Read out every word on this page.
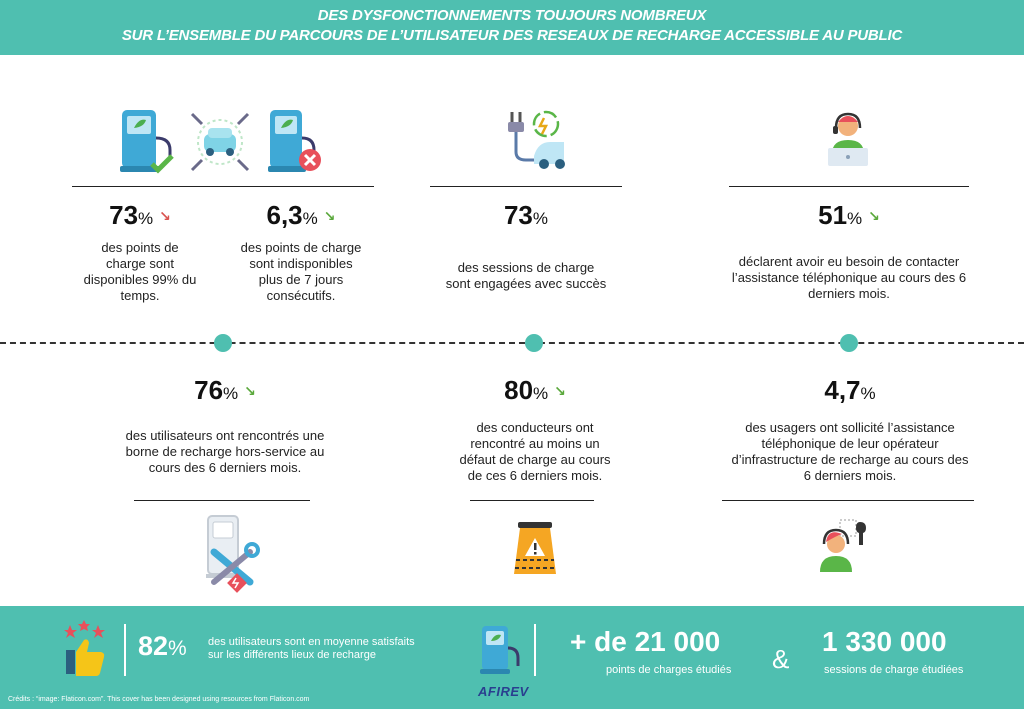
DES DYSFONCTIONNEMENTS TOUJOURS NOMBREUX
SUR L’ENSEMBLE DU PARCOURS DE L’UTILISATEUR DES RESEAUX DE RECHARGE ACCESSIBLE AU PUBLIC
73% ↘
des points de
charge sont
disponibles 99% du
temps.
6,3% ↘
des points de charge
sont indisponibles
plus de 7 jours
consécutifs.
73%
des sessions de charge
sont engagées avec succès
51% ↘
déclarent avoir eu besoin de contacter
l’assistance téléphonique au cours des 6
derniers mois.
76% ↘
des utilisateurs ont rencontrés une
borne de recharge hors-service au
cours des 6 derniers mois.
80% ↘
des conducteurs ont
rencontré au moins un
défaut de charge au cours
de ces 6 derniers mois.
4,7%
des usagers ont sollicité l’assistance
téléphonique de leur opérateur
d’infrastructure de recharge au cours des
6 derniers mois.
82% des utilisateurs sont en moyenne satisfaits
sur les différents lieux de recharge	+ de 21 000
points de charges étudiés &
1 330 000
sessions de charge étudiées
Crédits : “image: Flaticon.com”. This cover has been designed using resources from Flaticon.com
AFIREV
